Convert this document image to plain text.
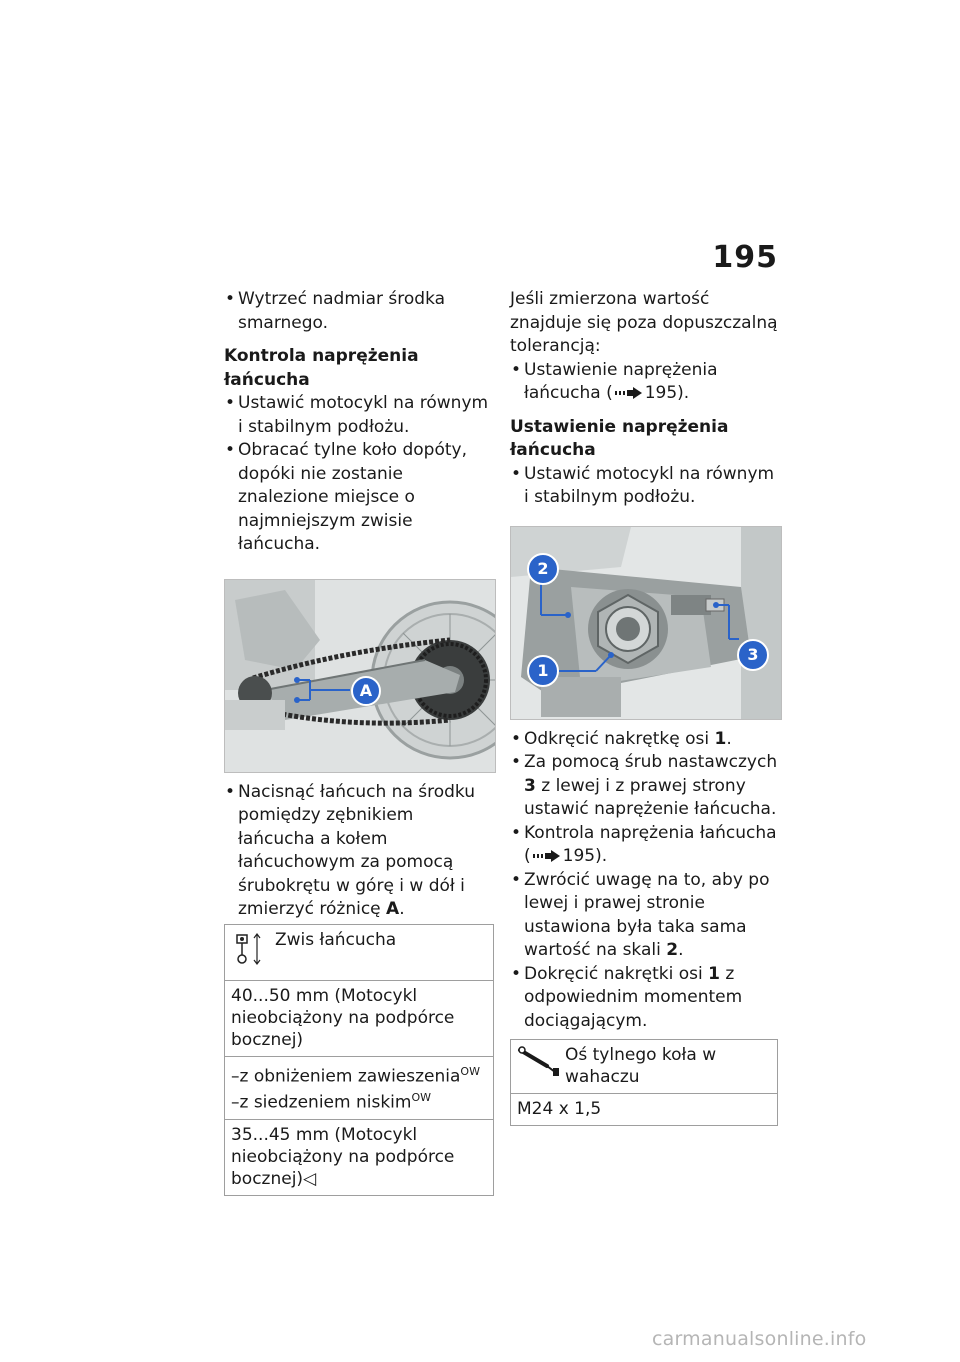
195
• Wytrzeć nadmiar środka smarnego.
Kontrola naprężenia łańcucha
• Ustawić motocykl na równym i stabilnym podłożu.
• Obracać tylne koło dopóty, dopóki nie zostanie znalezione miejsce o najmniejszym zwisie łańcucha.
A
• Nacisnąć łańcuch na środku pomiędzy zębnikiem łańcucha a kołem łańcuchowym za pomocą śrubokrętu w górę i w dół i zmierzyć różnicę A.
Zwis łańcucha

40...50 mm (Motocykl nieobciążony na podpórce bocznej)

–z obniżeniem zawieszenia$^{OW}$
–z siedzeniem niskim$^{OW}$

35...45 mm (Motocykl nieobciążony na podpórce bocznej)◁
Jeśli zmierzona wartość znajduje się poza dopuszczalną tolerancją:
• Ustawienie naprężenia łańcucha ( 195).
Ustawienie naprężenia łańcucha
• Ustawić motocykl na równym i stabilnym podłożu.
2
1
3
• Odkręcić nakrętkę osi 1.
• Za pomocą śrub nastawczych 3 z lewej i z prawej strony ustawić naprężenie łańcucha.
• Kontrola naprężenia łańcucha
( 195).
• Zwrócić uwagę na to, aby po lewej i prawej stronie ustawiona była taka sama wartość na skali 2.
• Dokręcić nakrętki osi 1 z odpowiednim momentem dociągającym.
Oś tylnego koła w wahaczu

M24 x 1,5
carmanualsonline.info
